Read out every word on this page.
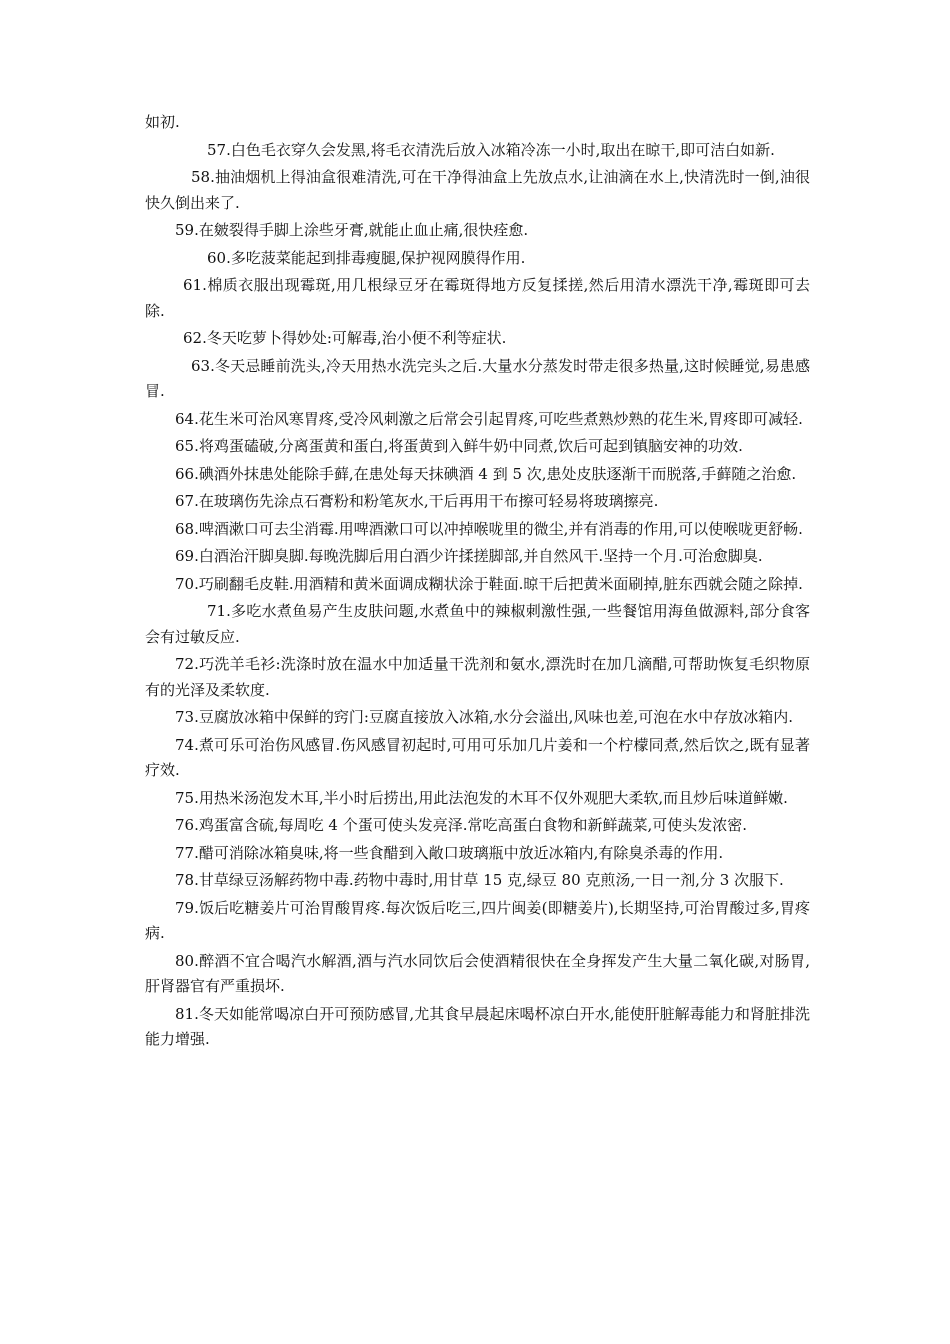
如初.

57.白色毛衣穿久会发黑,将毛衣清洗后放入冰箱冷冻一小时,取出在晾干,即可洁白如新.

58.抽油烟机上得油盒很难清洗,可在干净得油盒上先放点水,让油滴在水上,快清洗时一倒,油很快久倒出来了.

59.在皴裂得手脚上涂些牙膏,就能止血止痛,很快痊愈.

60.多吃菠菜能起到排毒瘦腿,保护视网膜得作用.

61.棉质衣服出现霉斑,用几根绿豆牙在霉斑得地方反复揉搓,然后用清水漂洗干净,霉斑即可去除.

62.冬天吃萝卜得妙处:可解毒,治小便不利等症状.

63.冬天忌睡前洗头,冷天用热水洗完头之后.大量水分蒸发时带走很多热量,这时候睡觉,易患感冒.

64.花生米可治风寒胃疼,受冷风刺激之后常会引起胃疼,可吃些煮熟炒熟的花生米,胃疼即可减轻.

65.将鸡蛋磕破,分离蛋黄和蛋白,将蛋黄到入鲜牛奶中同煮,饮后可起到镇脑安神的功效.

66.碘酒外抹患处能除手藓,在患处每天抹碘酒 4 到 5 次,患处皮肤逐渐干而脱落,手藓随之治愈.

67.在玻璃伤先涂点石膏粉和粉笔灰水,干后再用干布擦可轻易将玻璃擦亮.

68.啤酒漱口可去尘消霉.用啤酒漱口可以冲掉喉咙里的微尘,并有消毒的作用,可以使喉咙更舒畅.

69.白酒治汗脚臭脚.每晚洗脚后用白酒少许揉搓脚部,并自然风干.坚持一个月.可治愈脚臭.

70.巧刷翻毛皮鞋.用酒精和黄米面调成糊状涂于鞋面.晾干后把黄米面刷掉,脏东西就会随之除掉.

71.多吃水煮鱼易产生皮肤问题,水煮鱼中的辣椒刺激性强,一些餐馆用海鱼做源料,部分食客会有过敏反应.

72.巧洗羊毛衫:洗涤时放在温水中加适量干洗剂和氨水,漂洗时在加几滴醋,可帮助恢复毛织物原有的光泽及柔软度.

73.豆腐放冰箱中保鲜的窍门:豆腐直接放入冰箱,水分会溢出,风味也差,可泡在水中存放冰箱内.

74.煮可乐可治伤风感冒.伤风感冒初起时,可用可乐加几片姜和一个柠檬同煮,然后饮之,既有显著疗效.

75.用热米汤泡发木耳,半小时后捞出,用此法泡发的木耳不仅外观肥大柔软,而且炒后味道鲜嫩.

76.鸡蛋富含硫,每周吃 4 个蛋可使头发亮泽.常吃高蛋白食物和新鲜蔬菜,可使头发浓密.

77.醋可消除冰箱臭味,将一些食醋到入敞口玻璃瓶中放近冰箱内,有除臭杀毒的作用.

78.甘草绿豆汤解药物中毒.药物中毒时,用甘草 15 克,绿豆 80 克煎汤,一日一剂,分 3 次服下.

79.饭后吃糖姜片可治胃酸胃疼.每次饭后吃三,四片闽姜(即糖姜片),长期坚持,可治胃酸过多,胃疼病.

80.醉酒不宜合喝汽水解酒,酒与汽水同饮后会使酒精很快在全身挥发产生大量二氧化碳,对肠胃,肝肾器官有严重损坏.

81.冬天如能常喝凉白开可预防感冒,尤其食早晨起床喝杯凉白开水,能使肝脏解毒能力和肾脏排洗能力增强.
